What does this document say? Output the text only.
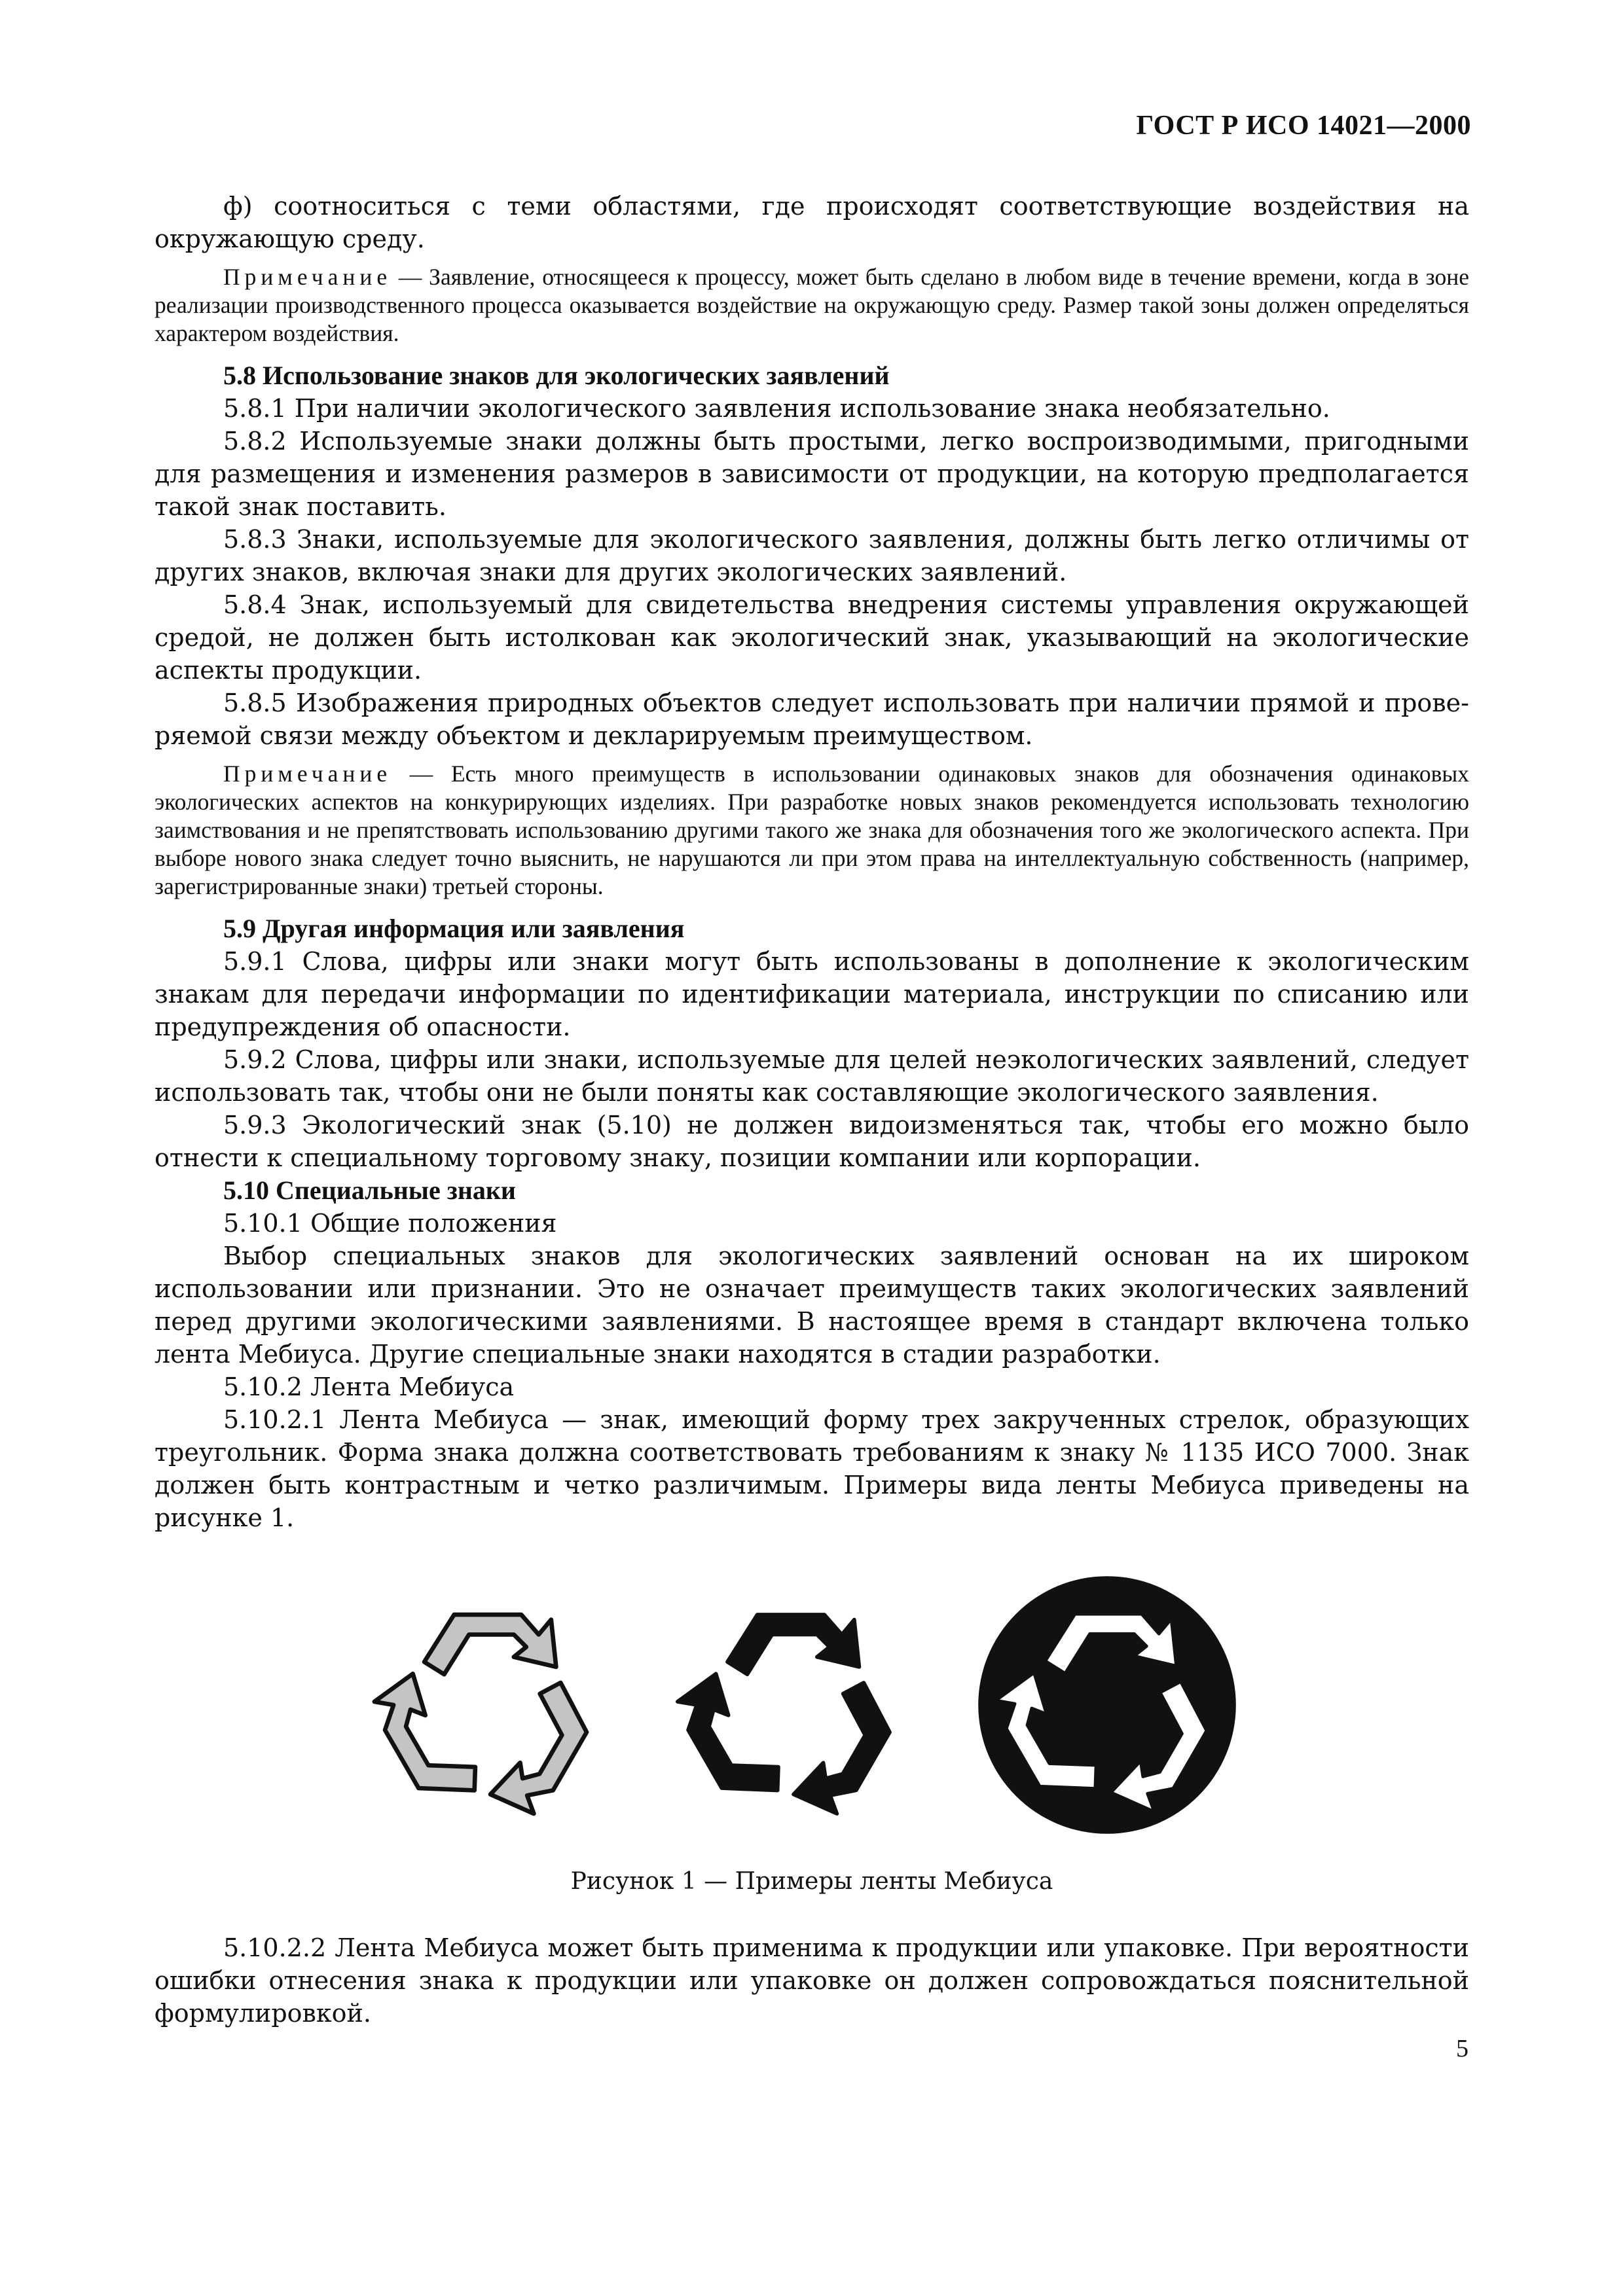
ГОСТ Р ИСО 14021—2000

ф) соотноситься с теми областями, где происходят соответствующие воздействия на окружающую среду.

Примечание — Заявление, относящееся к процессу, может быть сделано в любом виде в течение времени, когда в зоне реализации производственного процесса оказывается воздействие на окружающую среду. Размер такой зоны должен определяться характером воздействия.

5.8 Использование знаков для экологических заявлений

5.8.1 При наличии экологического заявления использование знака необязательно.

5.8.2 Используемые знаки должны быть простыми, легко воспроизводимыми, пригодными для размещения и изменения размеров в зависимости от продукции, на которую предполагается такой знак поставить.

5.8.3 Знаки, используемые для экологического заявления, должны быть легко отличимы от других знаков, включая знаки для других экологических заявлений.

5.8.4 Знак, используемый для свидетельства внедрения системы управления окружающей средой, не должен быть истолкован как экологический знак, указывающий на экологические аспекты продукции.

5.8.5 Изображения природных объектов следует использовать при наличии прямой и проверяемой связи между объектом и декларируемым преимуществом.

Примечание — Есть много преимуществ в использовании одинаковых знаков для обозначения одинаковых экологических аспектов на конкурирующих изделиях. При разработке новых знаков рекомендуется использовать технологию заимствования и не препятствовать использованию другими такого же знака для обозначения того же экологического аспекта. При выборе нового знака следует точно выяснить, не нарушаются ли при этом права на интеллектуальную собственность (например, зарегистрированные знаки) третьей стороны.

5.9 Другая информация или заявления

5.9.1 Слова, цифры или знаки могут быть использованы в дополнение к экологическим знакам для передачи информации по идентификации материала, инструкции по списанию или предупреждения об опасности.

5.9.2 Слова, цифры или знаки, используемые для целей неэкологических заявлений, следует использовать так, чтобы они не были поняты как составляющие экологического заявления.

5.9.3 Экологический знак (5.10) не должен видоизменяться так, чтобы его можно было отнести к специальному торговому знаку, позиции компании или корпорации.

5.10 Специальные знаки

5.10.1 Общие положения

Выбор специальных знаков для экологических заявлений основан на их широком использовании или признании. Это не означает преимуществ таких экологических заявлений перед другими экологическими заявлениями. В настоящее время в стандарт включена только лента Мебиуса. Другие специальные знаки находятся в стадии разработки.

5.10.2 Лента Мебиуса

5.10.2.1 Лента Мебиуса — знак, имеющий форму трех закрученных стрелок, образующих треугольник. Форма знака должна соответствовать требованиям к знаку № 1135 ИСО 7000. Знак должен быть контрастным и четко различимым. Примеры вида ленты Мебиуса приведены на рисунке 1.

Рисунок 1 — Примеры ленты Мебиуса

5.10.2.2 Лента Мебиуса может быть применима к продукции или упаковке. При вероятности ошибки отнесения знака к продукции или упаковке он должен сопровождаться пояснительной формулировкой.

5
